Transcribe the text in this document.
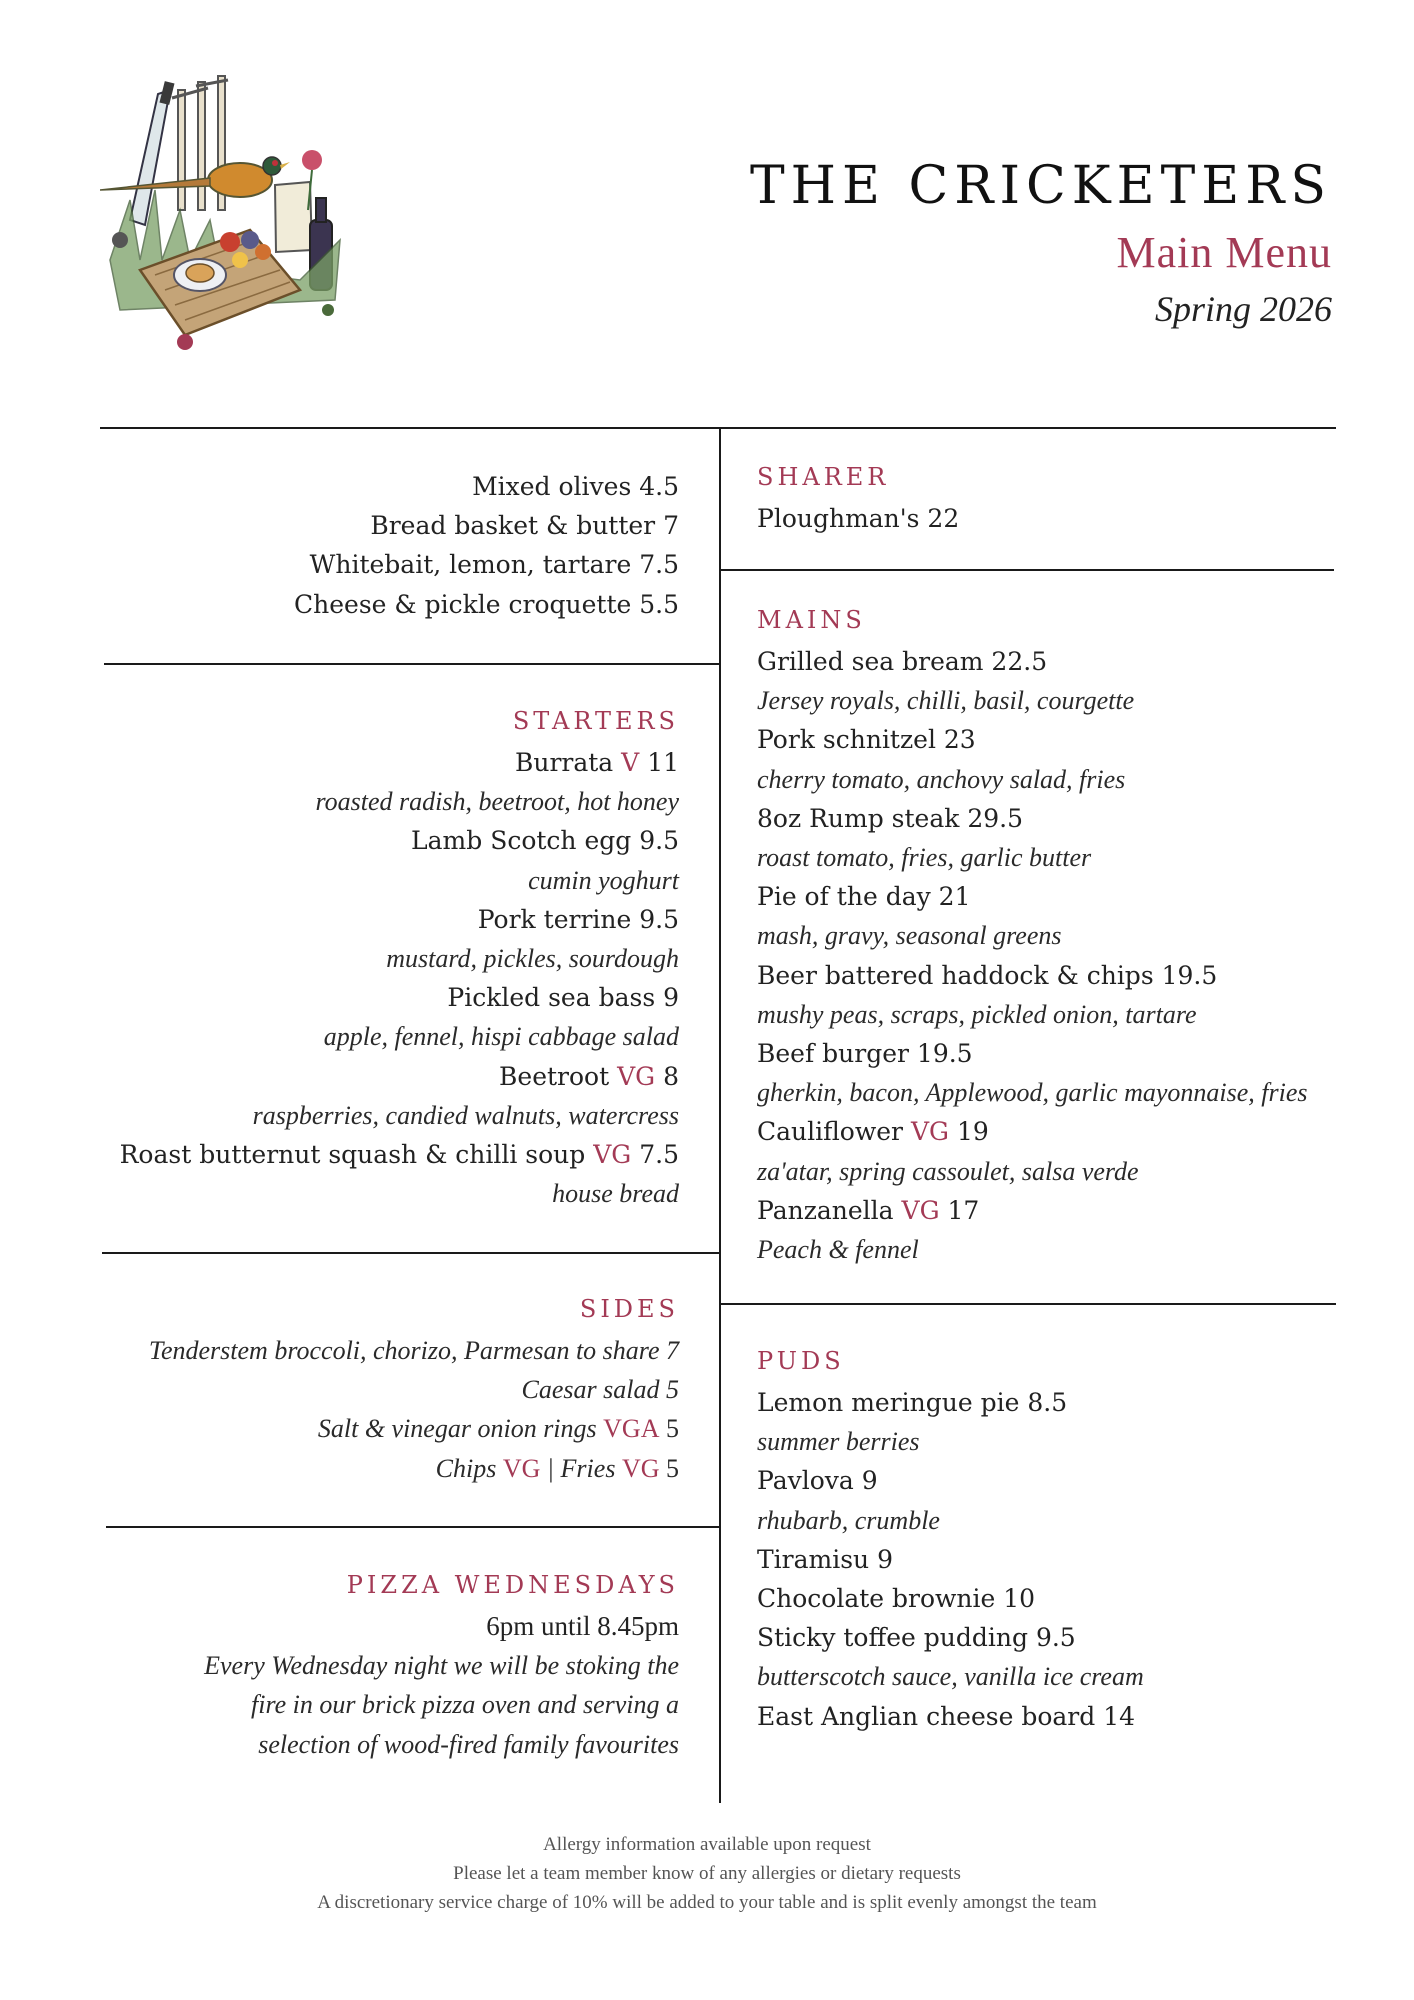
THE CRICKETERS
Main Menu
Spring 2026
Mixed olives 4.5
Bread basket & butter 7
Whitebait, lemon, tartare 7.5
Cheese & pickle croquette 5.5
STARTERS
Burrata V 11
roasted radish, beetroot, hot honey
Lamb Scotch egg 9.5
cumin yoghurt
Pork terrine 9.5
mustard, pickles, sourdough
Pickled sea bass 9
apple, fennel, hispi cabbage salad
Beetroot VG 8
raspberries, candied walnuts, watercress
Roast butternut squash & chilli soup VG 7.5
house bread
SIDES
Tenderstem broccoli, chorizo, Parmesan to share 7
Caesar salad 5
Salt & vinegar onion rings VGA 5
Chips VG | Fries VG 5
PIZZA WEDNESDAYS
6pm until 8.45pm
Every Wednesday night we will be stoking the
fire in our brick pizza oven and serving a
selection of wood-fired family favourites
SHARER
Ploughman's 22
MAINS
Grilled sea bream 22.5
Jersey royals, chilli, basil, courgette
Pork schnitzel 23
cherry tomato, anchovy salad, fries
8oz Rump steak 29.5
roast tomato, fries, garlic butter
Pie of the day 21
mash, gravy, seasonal greens
Beer battered haddock & chips 19.5
mushy peas, scraps, pickled onion, tartare
Beef burger 19.5
gherkin, bacon, Applewood, garlic mayonnaise, fries
Cauliflower VG 19
za'atar, spring cassoulet, salsa verde
Panzanella VG 17
Peach & fennel
PUDS
Lemon meringue pie 8.5
summer berries
Pavlova 9
rhubarb, crumble
Tiramisu 9
Chocolate brownie 10
Sticky toffee pudding 9.5
butterscotch sauce, vanilla ice cream
East Anglian cheese board 14
Allergy information available upon request
Please let a team member know of any allergies or dietary requests
A discretionary service charge of 10% will be added to your table and is split evenly amongst the team
